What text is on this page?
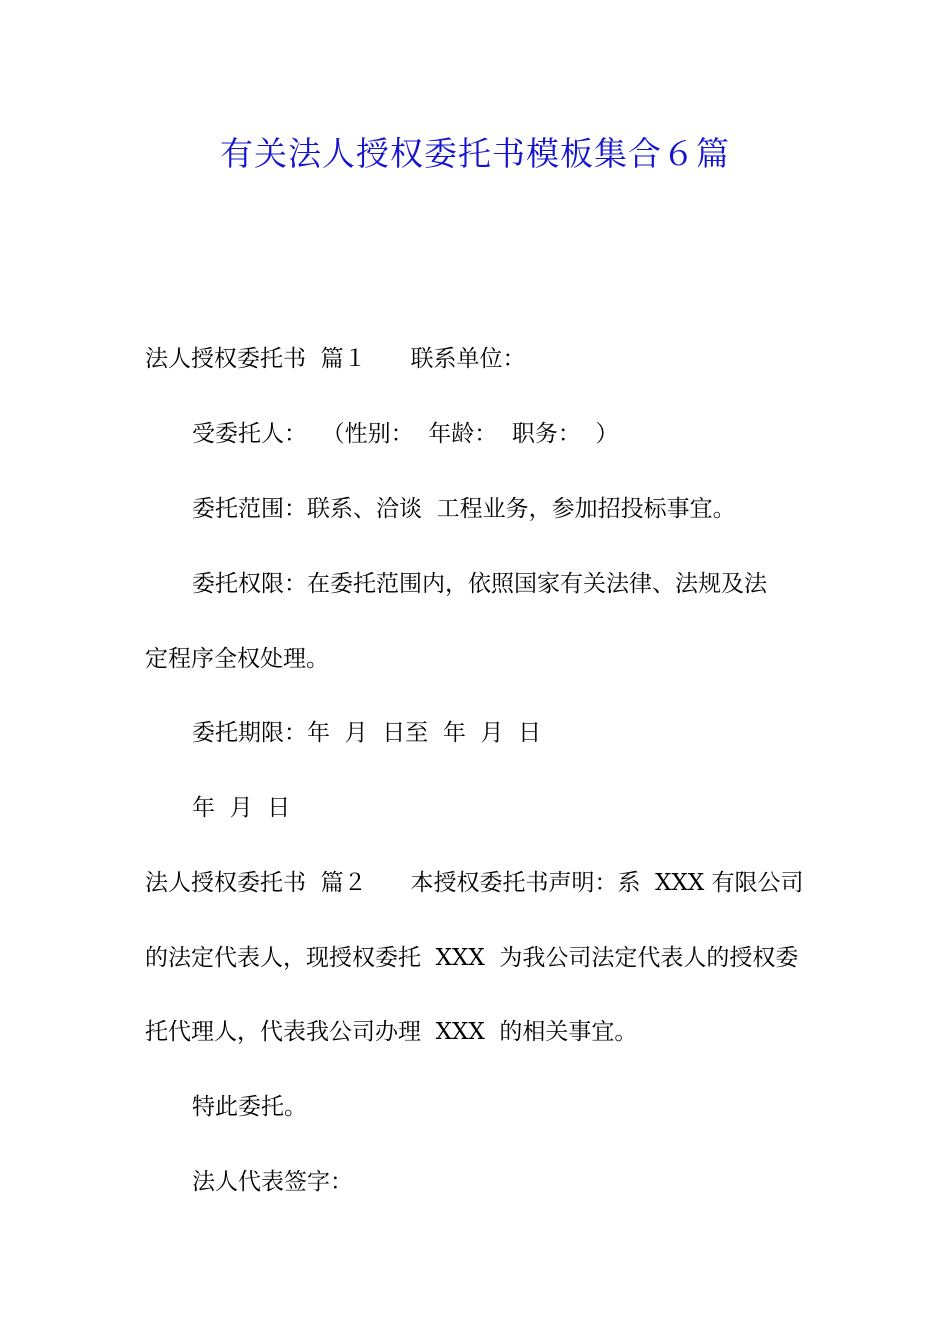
有关法人授权委托书模板集合６篇
法人授权委托书  篇１      联系单位：
受委托人：  （性别：  年龄：  职务：  ）
委托范围：联系、洽谈  工程业务，参加招投标事宜。
委托权限：在委托范围内，依照国家有关法律、法规及法
定程序全权处理。
委托期限：年  月  日至  年  月  日
年  月  日
法人授权委托书  篇２      本授权委托书声明：系  XXX 有限公司
的法定代表人，现授权委托  XXX  为我公司法定代表人的授权委
托代理人，代表我公司办理  XXX  的相关事宜。
特此委托。
法人代表签字：
